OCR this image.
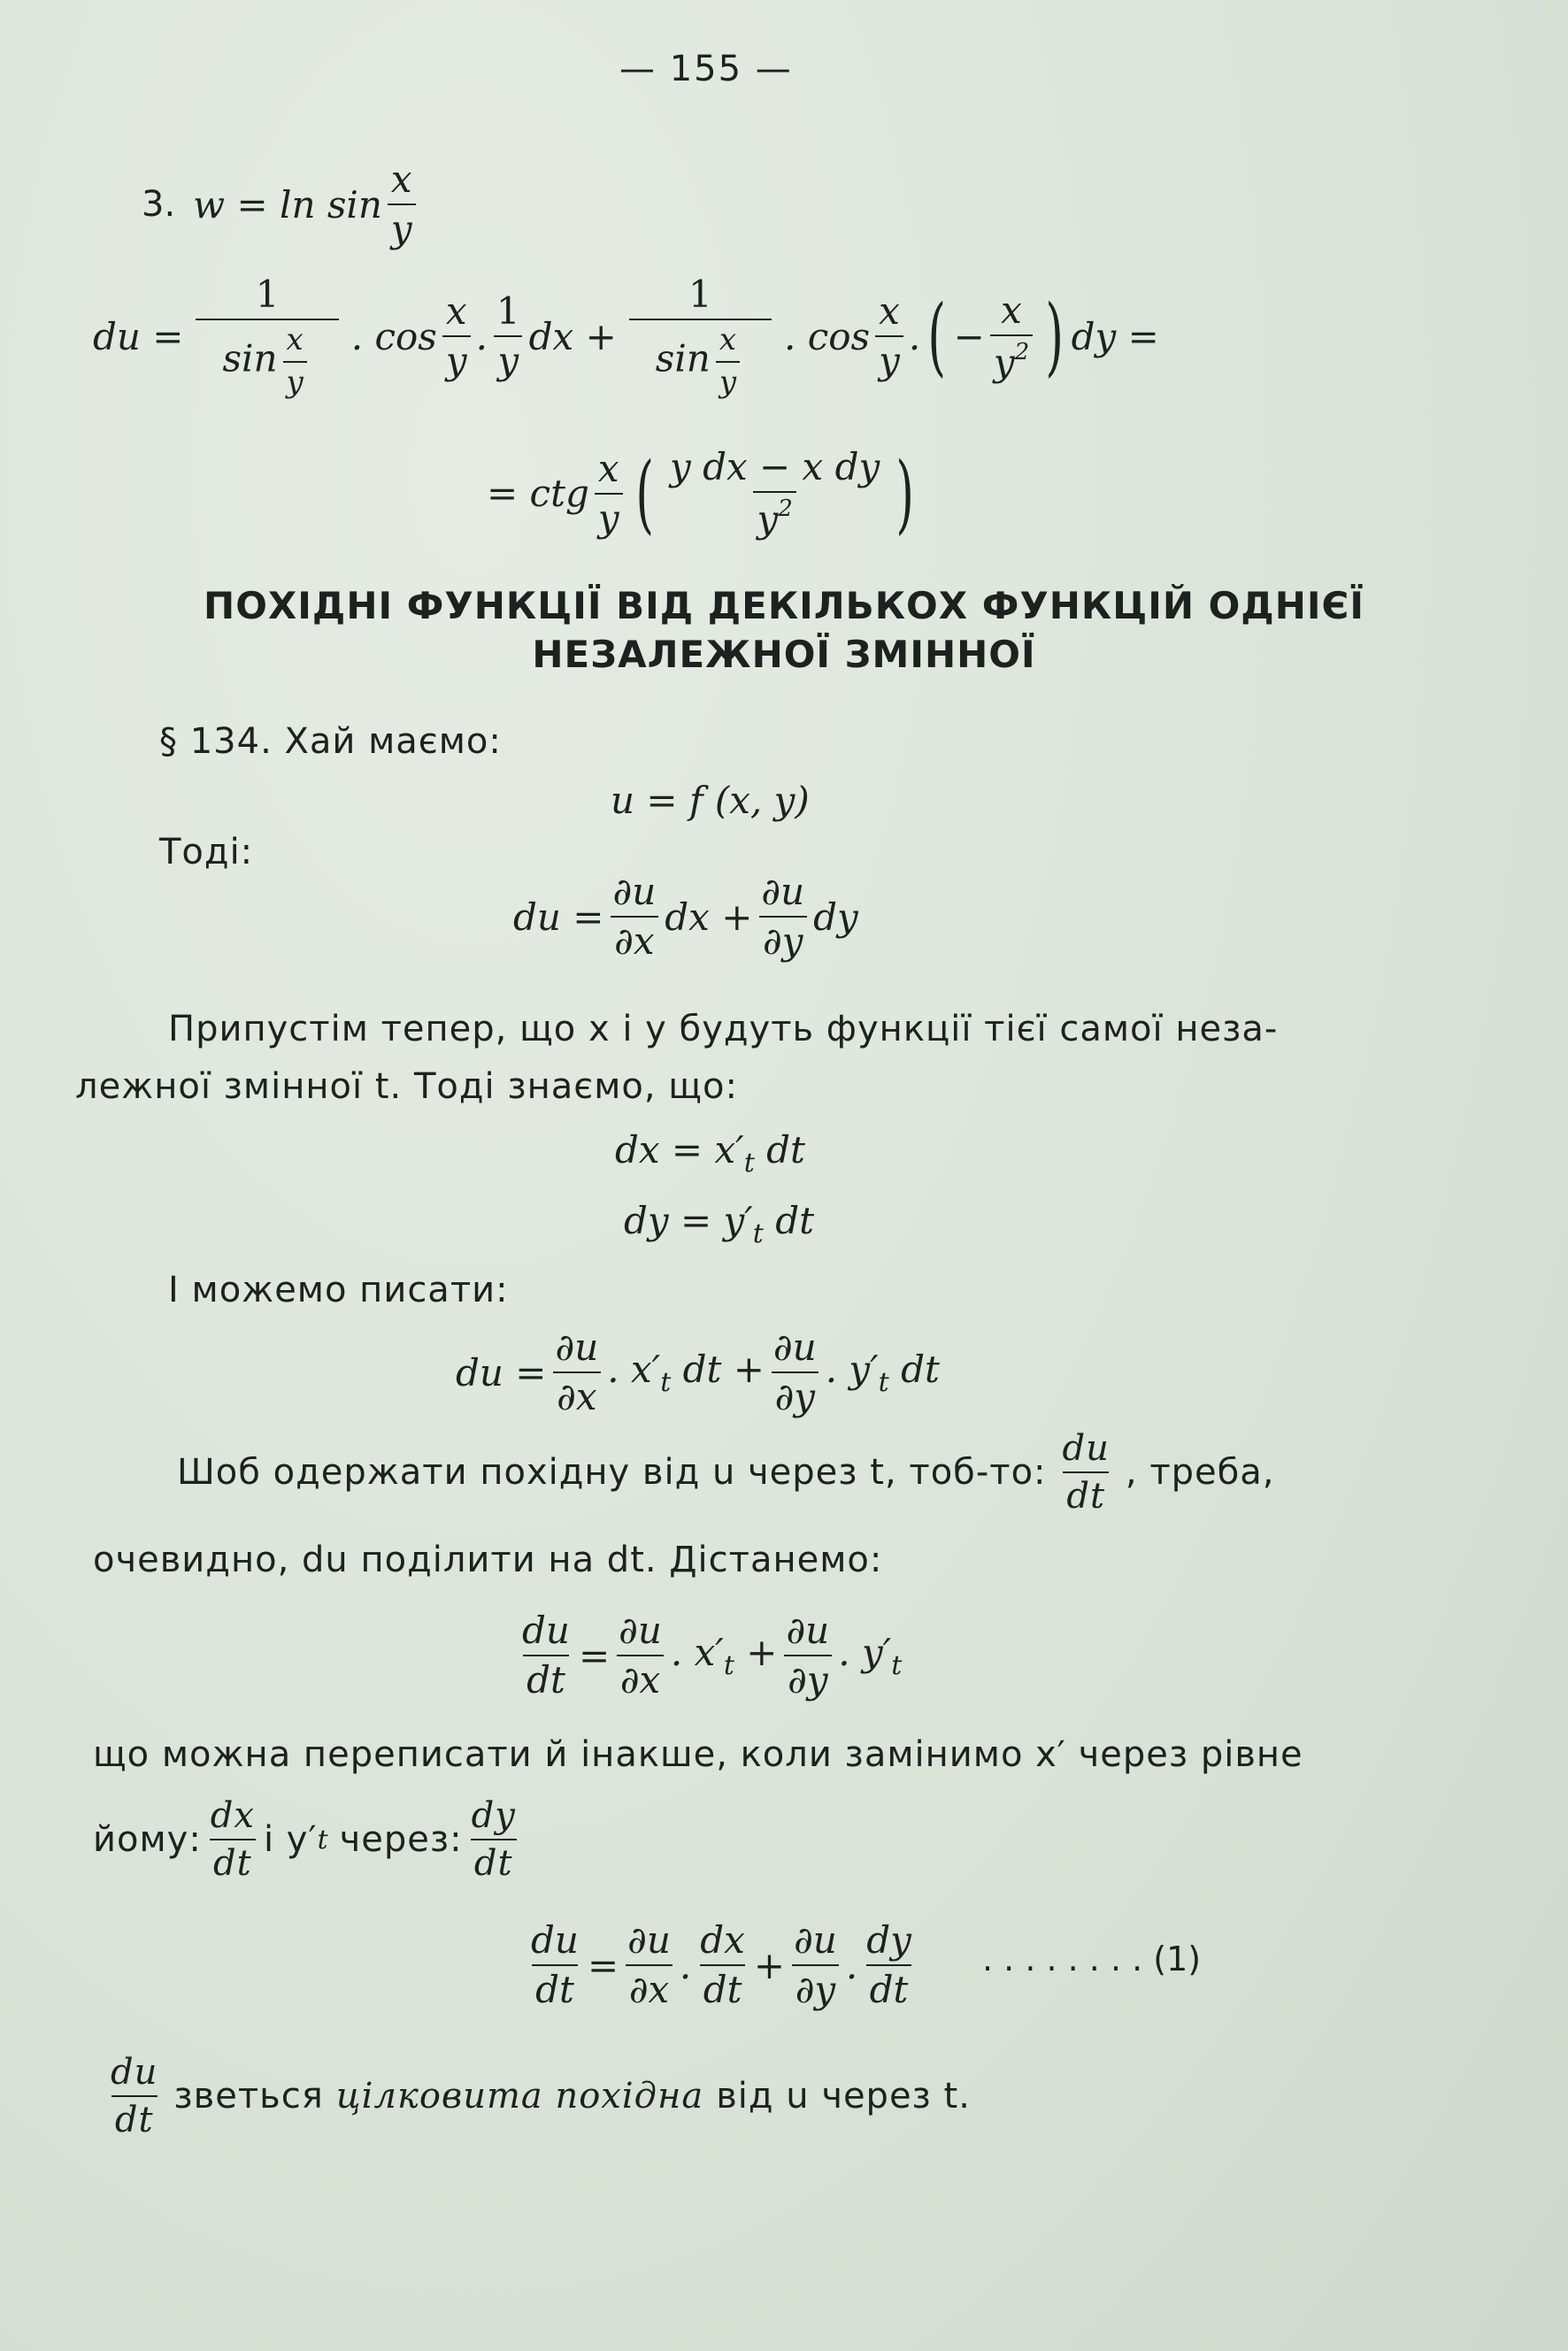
— 155 —
3. $w = \ln \sin \frac{x}{y}$
du = $\frac{1}{\sin \frac{x}{y}}$ . $\cos \frac{x}{y}$ . $\frac{1}{y}$ dx + $\frac{1}{\sin \frac{x}{y}}$ . $\cos \frac{x}{y}$ . ( − $\frac{x}{y^2}$ ) dy =
= ctg $\frac{x}{y}$ ( $\frac{\text{y dx − x dy}}{y^2}$ )
ПОХІДНІ ФУНКЦІЇ ВІД ДЕКІЛЬКОХ ФУНКЦІЙ ОДНІЄЇ
НЕЗАЛЕЖНОЇ ЗМІННОЇ
§ 134. Хай маємо:
u = f (x, y)
Тоді:
du = $\frac{\partial u}{\partial x}$ dx + $\frac{\partial u}{\partial y}$ dy
Припустім тепер, що x і y будуть функції тієї самої неза-
лежної змінної t. Тоді знаємо, що:
dx = $x'_t$ dt
dy = $y'_t$ dt
І можемо писати:
du = $\frac{\partial u}{\partial x}$ . $x'_t$ dt + $\frac{\partial u}{\partial y}$ . $y'_t$ dt
Шоб одержати похідну від u через t, тоб-то: $\frac{du}{dt}$ , треба,
очевидно, du поділити на dt. Дістанемо:
$\frac{du}{dt} = \frac{\partial u}{\partial x}$ . $x'_t + \frac{\partial u}{\partial y}$ . $y'_t$
що можна переписати й інакше, коли замінимо x′ через рівне
йому: $\frac{dx}{dt}$ і y′ t через: $\frac{dy}{dt}$
$\frac{du}{dt} = \frac{\partial u}{\partial x}$ . $\frac{dx}{dt} + \frac{\partial u}{\partial y}$ . $\frac{dy}{dt}$ . . . . . . . . (1)
$\frac{du}{dt}$ зветься цілковита похідна від u через t.
